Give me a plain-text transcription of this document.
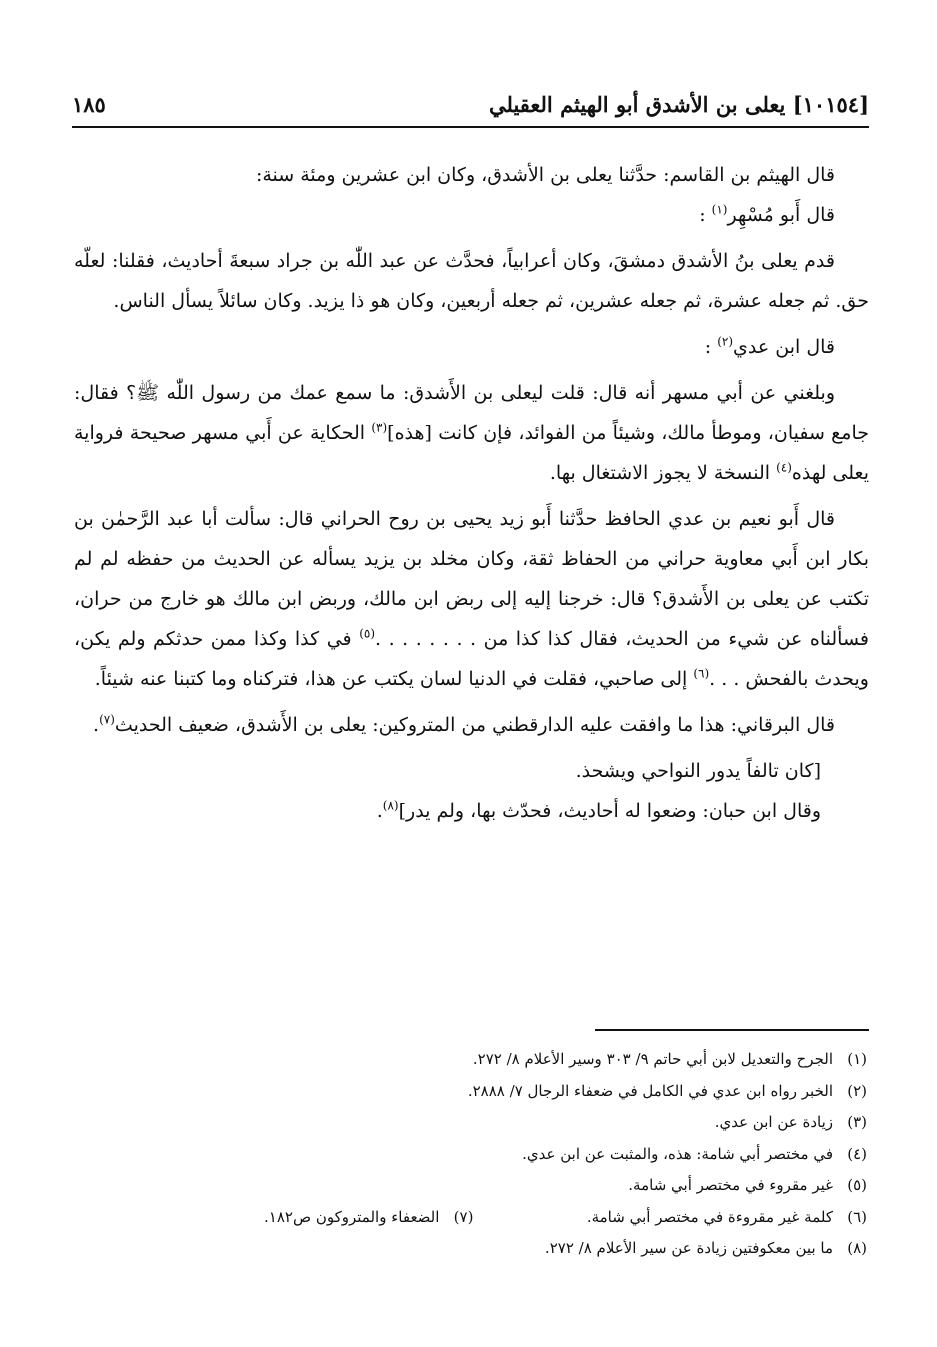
[١٠١٥٤] يعلى بن الأشدق أبو الهيثم العقيلي
١٨٥

قال الهيثم بن القاسم: حدَّثنا يعلى بن الأشدق، وكان ابن عشرين ومئة سنة:

قال أَبو مُسْهِر$^{(١)}$ :

قدم يعلى بنُ الأشدق دمشقَ، وكان أعرابياً، فحدَّث عن عبد اللّٰه بن جراد سبعةَ أحاديث، فقلنا: لعلّه حق. ثم جعله عشرة، ثم جعله عشرين، ثم جعله أربعين، وكان هو ذا يزيد. وكان سائلاً يسأل الناس.

قال ابن عدي$^{(٢)}$ :

وبلغني عن أبي مسهر أنه قال: قلت ليعلى بن الأَشدق: ما سمع عمك من رسول اللّٰه ﷺ؟ فقال: جامع سفيان، وموطأ مالك، وشيئاً من الفوائد، فإن كانت [هذه]$^{(٣)}$ الحكاية عن أَبي مسهر صحيحة فرواية يعلى لهذه$^{(٤)}$ النسخة لا يجوز الاشتغال بها.

قال أَبو نعيم بن عدي الحافظ حدَّثنا أَبو زيد يحيى بن روح الحراني قال: سألت أبا عبد الرَّحمٰن بن بكار ابن أَبي معاوية حراني من الحفاظ ثقة، وكان مخلد بن يزيد يسأله عن الحديث من حفظه لم لم تكتب عن يعلى بن الأَشدق؟ قال: خرجنا إليه إلى ربض ابن مالك، وربض ابن مالك هو خارج من حران، فسألناه عن شيء من الحديث، فقال كذا كذا من . . . . . . . .$^{(٥)}$ في كذا وكذا ممن حدثكم ولم يكن، ويحدث بالفحش . . .$^{(٦)}$ إلى صاحبي، فقلت في الدنيا لسان يكتب عن هذا، فتركناه وما كتبنا عنه شيئاً.

قال البرقاني: هذا ما وافقت عليه الدارقطني من المتروكين: يعلى بن الأَشدق، ضعيف الحديث$^{(٧)}$.

[كان تالفاً يدور النواحي ويشحذ.

وقال ابن حبان: وضعوا له أحاديث، فحدّث بها، ولم يدر]$^{(٨)}$.

(١)الجرح والتعديل لابن أبي حاتم ٩/ ٣٠٣ وسير الأعلام ٨/ ٢٧٢.
(٢)الخبر رواه ابن عدي في الكامل في ضعفاء الرجال ٧/ ٢٨٨٨.
(٣)زيادة عن ابن عدي.
(٤)في مختصر أبي شامة: هذه، والمثبت عن ابن عدي.
(٥)غير مقروء في مختصر أبي شامة.
(٦)كلمة غير مقروءة في مختصر أبي شامة.
(٧)الضعفاء والمتروكون ص١٨٢.
(٨)ما بين معكوفتين زيادة عن سير الأعلام ٨/ ٢٧٢.
